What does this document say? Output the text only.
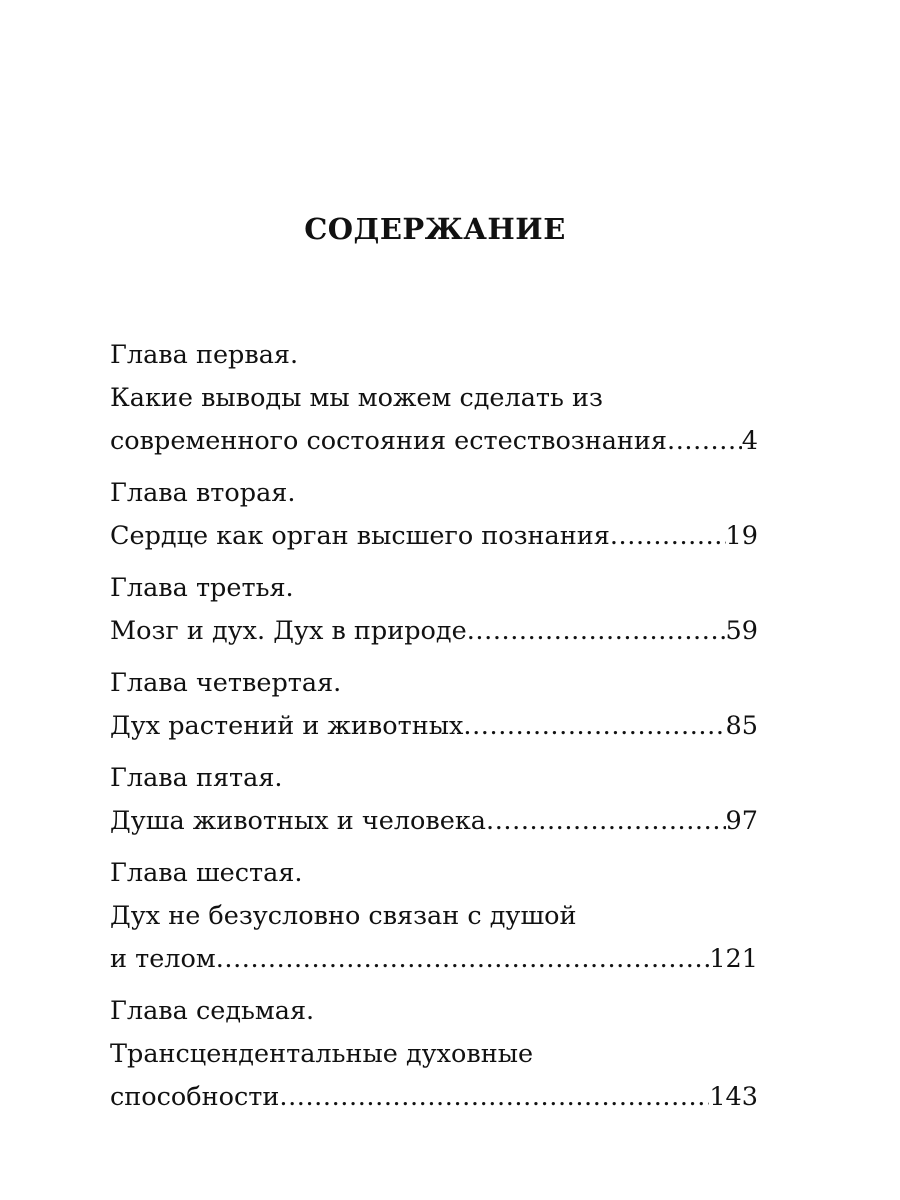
СОДЕРЖАНИЕ
Глава первая.
Какие выводы мы можем сделать из
современного состояния естествознания .....	4
Глава вторая.
Сердце как орган высшего познания .....	19
Глава третья.
Мозг и дух. Дух в природе .....	59
Глава четвертая.
Дух растений и животных .....	85
Глава пятая.
Душа животных и человека .....	97
Глава шестая.
Дух не безусловно связан с душой
и телом .....	121
Глава седьмая.
Трансцендентальные духовные
способности .....	143
